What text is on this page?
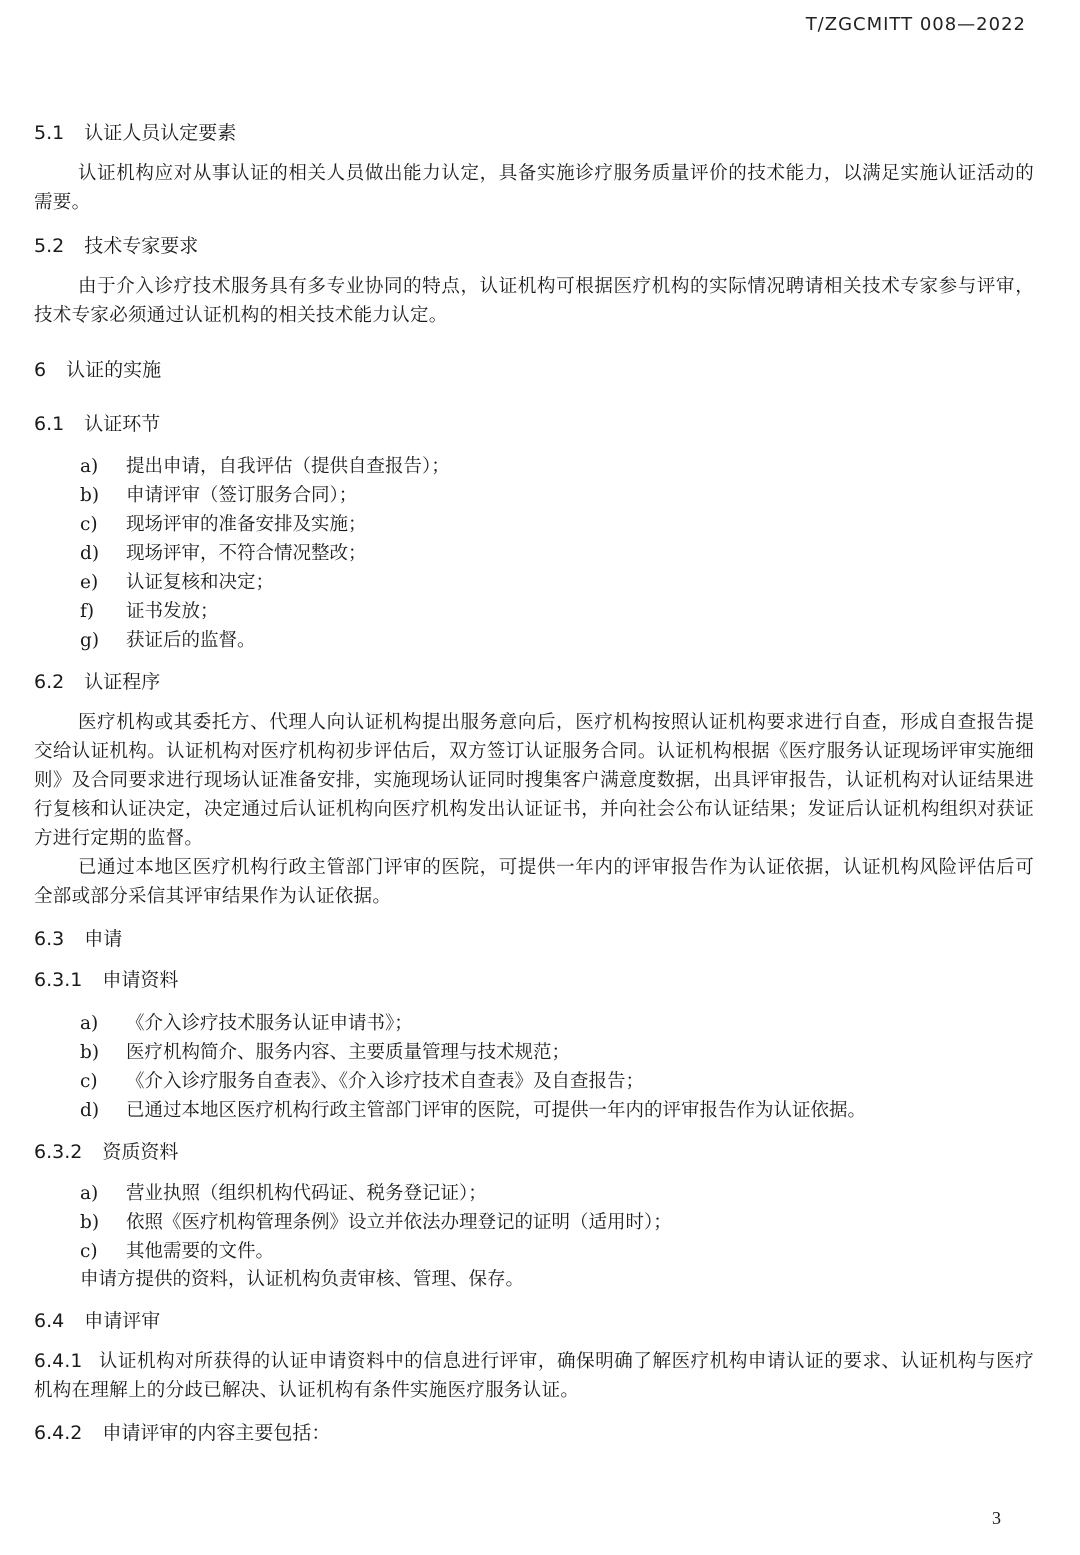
T/ZGCMITT 008—2022
5.1 认证人员认定要素
认证机构应对从事认证的相关人员做出能力认定，具备实施诊疗服务质量评价的技术能力，以满足实施认证活动的需要。
5.2 技术专家要求
由于介入诊疗技术服务具有多专业协同的特点，认证机构可根据医疗机构的实际情况聘请相关技术专家参与评审，技术专家必须通过认证机构的相关技术能力认定。
6 认证的实施
6.1 认证环节
a) 提出申请，自我评估（提供自查报告）；
b) 申请评审（签订服务合同）；
c) 现场评审的准备安排及实施；
d) 现场评审，不符合情况整改；
e) 认证复核和决定；
f) 证书发放；
g) 获证后的监督。
6.2 认证程序
医疗机构或其委托方、代理人向认证机构提出服务意向后，医疗机构按照认证机构要求进行自查，形成自查报告提交给认证机构。认证机构对医疗机构初步评估后，双方签订认证服务合同。认证机构根据《医疗服务认证现场评审实施细则》及合同要求进行现场认证准备安排，实施现场认证同时搜集客户满意度数据，出具评审报告，认证机构对认证结果进行复核和认证决定，决定通过后认证机构向医疗机构发出认证证书，并向社会公布认证结果；发证后认证机构组织对获证方进行定期的监督。
已通过本地区医疗机构行政主管部门评审的医院，可提供一年内的评审报告作为认证依据，认证机构风险评估后可全部或部分采信其评审结果作为认证依据。
6.3 申请
6.3.1 申请资料
a) 《介入诊疗技术服务认证申请书》；
b) 医疗机构简介、服务内容、主要质量管理与技术规范；
c) 《介入诊疗服务自查表》、《介入诊疗技术自查表》及自查报告；
d) 已通过本地区医疗机构行政主管部门评审的医院，可提供一年内的评审报告作为认证依据。
6.3.2 资质资料
a) 营业执照（组织机构代码证、税务登记证）；
b) 依照《医疗机构管理条例》设立并依法办理登记的证明（适用时）；
c) 其他需要的文件。
申请方提供的资料，认证机构负责审核、管理、保存。
6.4 申请评审
6.4.1 认证机构对所获得的认证申请资料中的信息进行评审，确保明确了解医疗机构申请认证的要求、认证机构与医疗机构在理解上的分歧已解决、认证机构有条件实施医疗服务认证。
6.4.2 申请评审的内容主要包括：
3
